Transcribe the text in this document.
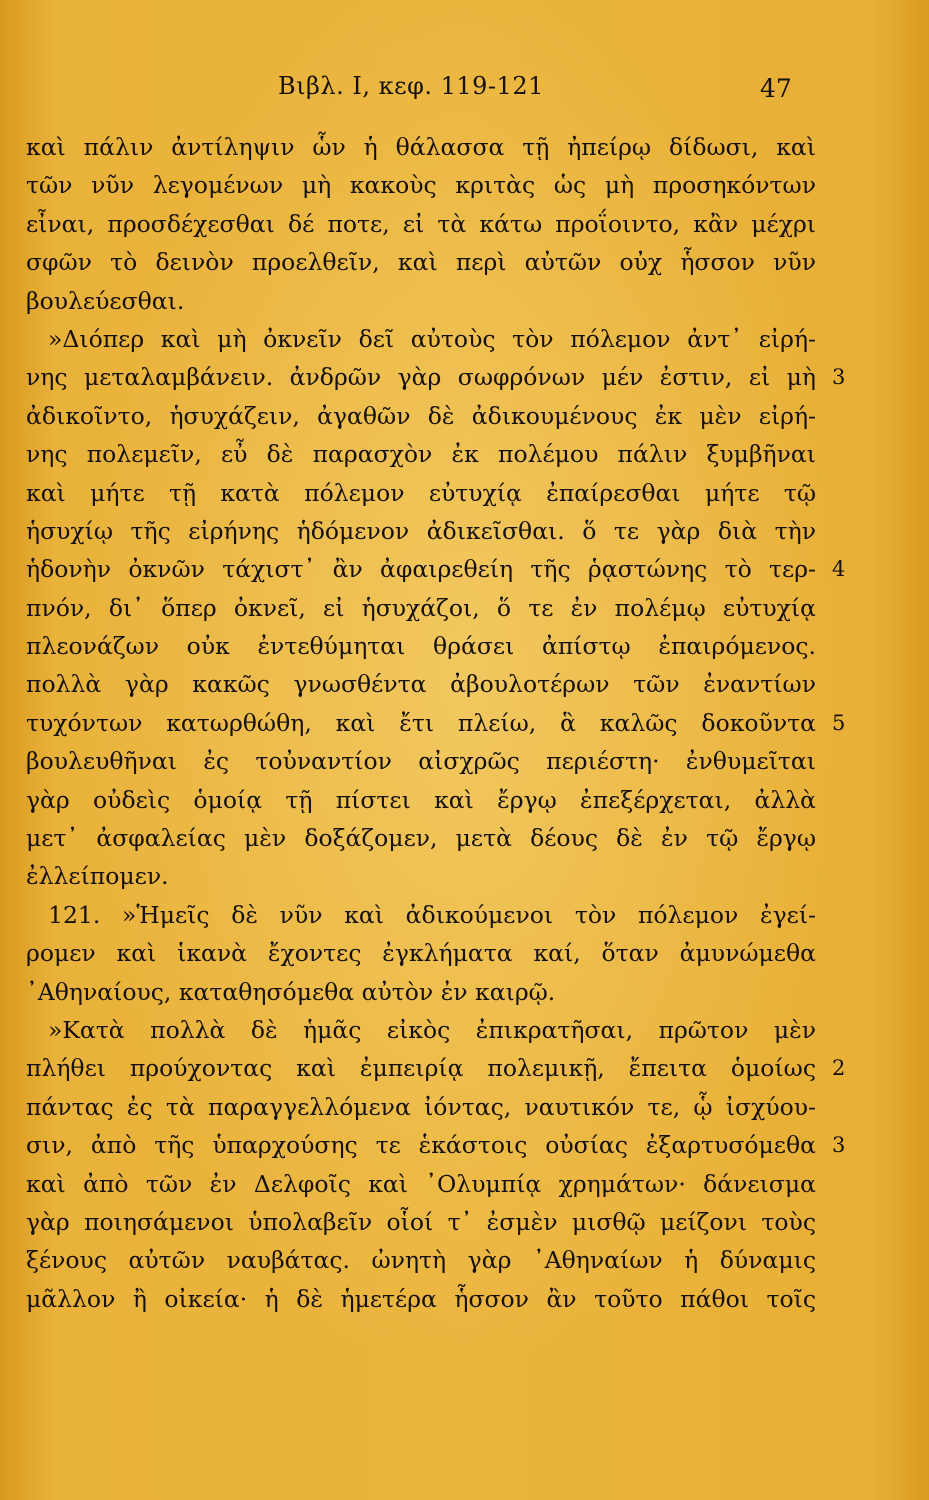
Βιβλ. I, κεφ. 119-121	47
καὶ πάλιν ἀντίληψιν ὧν ἡ θάλασσα τῇ ἠπείρῳ δίδωσι, καὶ
τῶν νῦν λεγομένων μὴ κακοὺς κριτὰς ὡς μὴ προσηκόντων
εἶναι, προσδέχεσθαι δέ ποτε, εἰ τὰ κάτω προΐοιντο, κἂν μέχρι
σφῶν τὸ δεινὸν προελθεῖν, καὶ περὶ αὐτῶν οὐχ ἧσσον νῦν
βουλεύεσθαι.
»Διόπερ καὶ μὴ ὀκνεῖν δεῖ αὐτοὺς τὸν πόλεμον ἀντ᾽ εἰρή-
3
νης μεταλαμβάνειν. ἀνδρῶν γὰρ σωφρόνων μέν ἐστιν, εἰ μὴ
ἀδικοῖντο, ἡσυχάζειν, ἀγαθῶν δὲ ἀδικουμένους ἐκ μὲν εἰρή-
νης πολεμεῖν, εὖ δὲ παρασχὸν ἐκ πολέμου πάλιν ξυμβῆναι
καὶ μήτε τῇ κατὰ πόλεμον εὐτυχίᾳ ἐπαίρεσθαι μήτε τῷ
ἡσυχίῳ τῆς εἰρήνης ἡδόμενον ἀδικεῖσθαι. ὅ τε γὰρ διὰ τὴν
4
ἡδονὴν ὀκνῶν τάχιστ᾽ ἂν ἀφαιρεθείη τῆς ῥᾳστώνης τὸ τερ-
πνόν, δι᾽ ὅπερ ὀκνεῖ, εἰ ἡσυχάζοι, ὅ τε ἐν πολέμῳ εὐτυχίᾳ
πλεονάζων οὐκ ἐντεθύμηται θράσει ἀπίστῳ ἐπαιρόμενος.
πολλὰ γὰρ κακῶς γνωσθέντα ἀβουλοτέρων τῶν ἐναντίων
5
τυχόντων κατωρθώθη, καὶ ἔτι πλείω, ἃ καλῶς δοκοῦντα
βουλευθῆναι ἐς τοὐναντίον αἰσχρῶς περιέστη· ἐνθυμεῖται
γὰρ οὐδεὶς ὁμοίᾳ τῇ πίστει καὶ ἔργῳ ἐπεξέρχεται, ἀλλὰ
μετ᾽ ἀσφαλείας μὲν δοξάζομεν, μετὰ δέους δὲ ἐν τῷ ἔργῳ
ἐλλείπομεν.
121. »Ἡμεῖς δὲ νῦν καὶ ἀδικούμενοι τὸν πόλεμον ἐγεί-
ρομεν καὶ ἱκανὰ ἔχοντες ἐγκλήματα καί, ὅταν ἀμυνώμεθα
᾽Αθηναίους, καταθησόμεθα αὐτὸν ἐν καιρῷ.
»Κατὰ πολλὰ δὲ ἡμᾶς εἰκὸς ἐπικρατῆσαι, πρῶτον μὲν
2
πλήθει προύχοντας καὶ ἐμπειρίᾳ πολεμικῇ, ἔπειτα ὁμοίως
πάντας ἐς τὰ παραγγελλόμενα ἰόντας, ναυτικόν τε, ᾧ ἰσχύου-
3
σιν, ἀπὸ τῆς ὑπαρχούσης τε ἑκάστοις οὐσίας ἐξαρτυσόμεθα
καὶ ἀπὸ τῶν ἐν Δελφοῖς καὶ ᾽Ολυμπίᾳ χρημάτων· δάνεισμα
γὰρ ποιησάμενοι ὑπολαβεῖν οἷοί τ᾽ ἐσμὲν μισθῷ μείζονι τοὺς
ξένους αὐτῶν ναυβάτας. ὠνητὴ γὰρ ᾽Αθηναίων ἡ δύναμις
μᾶλλον ἢ οἰκεία· ἡ δὲ ἡμετέρα ἧσσον ἂν τοῦτο πάθοι τοῖς
